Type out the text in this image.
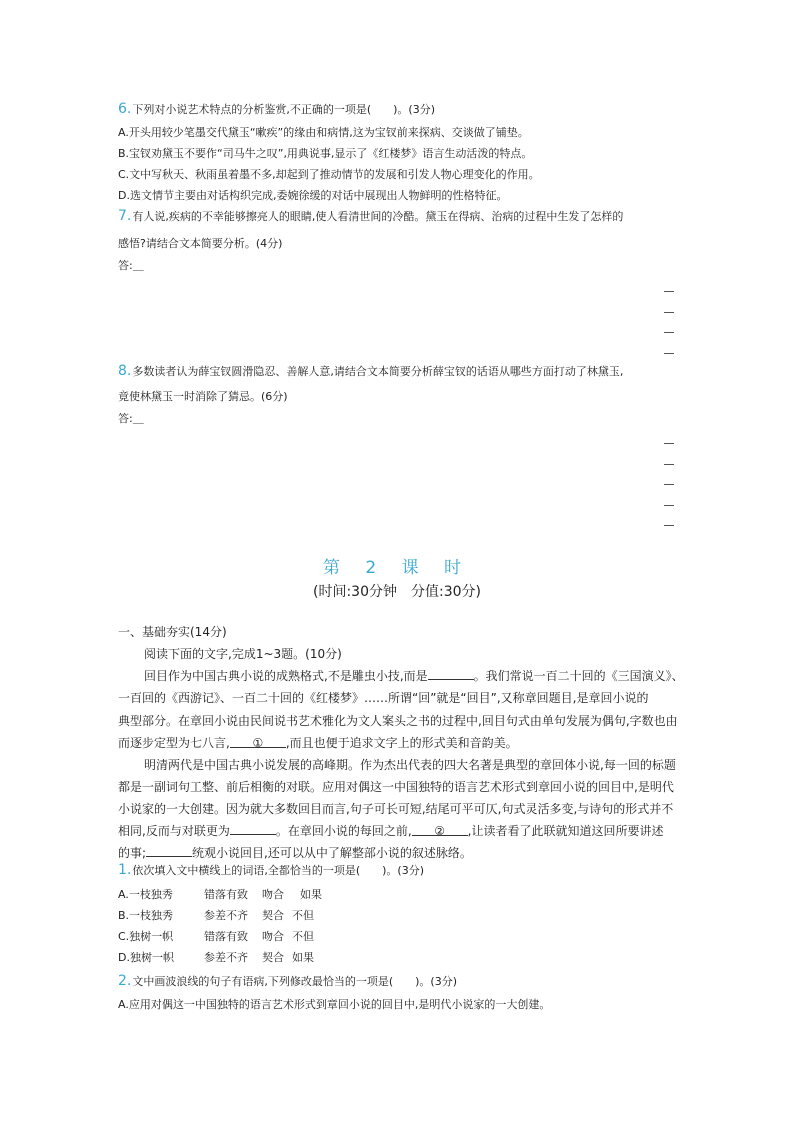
6.下列对小说艺术特点的分析鉴赏,不正确的一项是(　　)。(3分)
A.开头用较少笔墨交代黛玉“嗽疾”的缘由和病情,这为宝钗前来探病、交谈做了铺垫。
B.宝钗劝黛玉不要作“司马牛之叹”,用典说事,显示了《红楼梦》语言生动活泼的特点。
C.文中写秋天、秋雨虽着墨不多,却起到了推动情节的发展和引发人物心理变化的作用。
D.选文情节主要由对话构织完成,委婉徐缓的对话中展现出人物鲜明的性格特征。
7.有人说,疾病的不幸能够擦亮人的眼睛,使人看清世间的冷酷。黛玉在得病、治病的过程中生发了怎样的
感悟?请结合文本简要分析。(4分)
答:＿
8.多数读者认为薛宝钗圆滑隐忍、善解人意,请结合文本简要分析薛宝钗的话语从哪些方面打动了林黛玉,
竟使林黛玉一时消除了猜忌。(6分)
答:＿
第 2 课 时
(时间:30分钟　分值:30分)
一、基础夯实(14分)
阅读下面的文字,完成1~3题。(10分)
回目作为中国古典小说的成熟格式,不是雕虫小技,而是	。我们常说一百二十回的《三国演义》、
一百回的《西游记》、一百二十回的《红楼梦》……所谓“回”就是“回目”,又称章回题目,是章回小说的
典型部分。在章回小说由民间说书艺术雅化为文人案头之书的过程中,回目句式由单句发展为偶句,字数也由
而逐步定型为七八言, ① ,而且也便于追求文字上的形式美和音韵美。
明清两代是中国古典小说发展的高峰期。作为杰出代表的四大名著是典型的章回体小说,每一回的标题
都是一副词句工整、前后相衡的对联。应用对偶这一中国独特的语言艺术形式到章回小说的回目中,是明代
小说家的一大创建。因为就大多数回目而言,句子可长可短,结尾可平可仄,句式灵活多变,与诗句的形式并不
相同,反而与对联更为	。在章回小说的每回之前, ② ,让读者看了此联就知道这回所要讲述
的事;	统观小说回目,还可以从中了解整部小说的叙述脉络。
1.依次填入文中横线上的词语,全都恰当的一项是(　　)。(3分)
A.一枝独秀	错落有致 吻合 如果
B.一枝独秀	参差不齐 契合 不但
C.独树一帜	错落有致 吻合 不但
D.独树一帜	参差不齐 契合 如果
2.文中画波浪线的句子有语病,下列修改最恰当的一项是(　　)。(3分)
A.应用对偶这一中国独特的语言艺术形式到章回小说的回目中,是明代小说家的一大创建。
